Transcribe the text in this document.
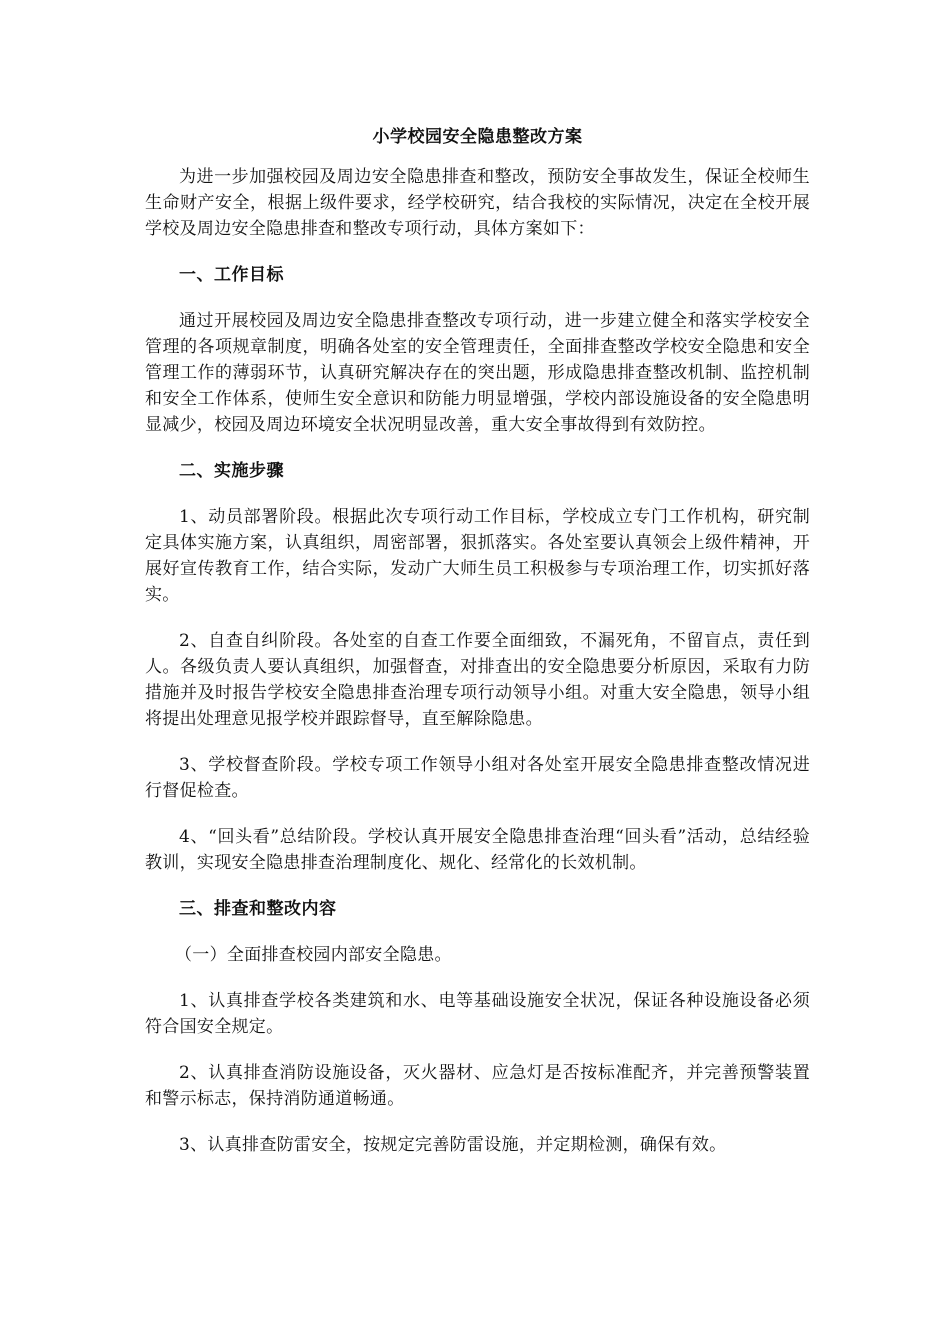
小学校园安全隐患整改方案

为进一步加强校园及周边安全隐患排查和整改，预防安全事故发生，保证全校师生生命财产安全，根据上级件要求，经学校研究，结合我校的实际情况，决定在全校开展学校及周边安全隐患排查和整改专项行动，具体方案如下：

一、工作目标

通过开展校园及周边安全隐患排查整改专项行动，进一步建立健全和落实学校安全管理的各项规章制度，明确各处室的安全管理责任，全面排查整改学校安全隐患和安全管理工作的薄弱环节，认真研究解决存在的突出题，形成隐患排查整改机制、监控机制和安全工作体系，使师生安全意识和防能力明显增强，学校内部设施设备的安全隐患明显减少，校园及周边环境安全状况明显改善，重大安全事故得到有效防控。

二、实施步骤

1、动员部署阶段。根据此次专项行动工作目标，学校成立专门工作机构，研究制定具体实施方案，认真组织，周密部署，狠抓落实。各处室要认真领会上级件精神，开展好宣传教育工作，结合实际，发动广大师生员工积极参与专项治理工作，切实抓好落实。

2、自查自纠阶段。各处室的自查工作要全面细致，不漏死角，不留盲点，责任到人。各级负责人要认真组织，加强督查，对排查出的安全隐患要分析原因，采取有力防措施并及时报告学校安全隐患排查治理专项行动领导小组。对重大安全隐患，领导小组将提出处理意见报学校并跟踪督导，直至解除隐患。

3、学校督查阶段。学校专项工作领导小组对各处室开展安全隐患排查整改情况进行督促检查。

4、“回头看”总结阶段。学校认真开展安全隐患排查治理“回头看”活动，总结经验教训，实现安全隐患排查治理制度化、规化、经常化的长效机制。

三、排查和整改内容

（一）全面排查校园内部安全隐患。

1、认真排查学校各类建筑和水、电等基础设施安全状况，保证各种设施设备必须符合国安全规定。

2、认真排查消防设施设备，灭火器材、应急灯是否按标准配齐，并完善预警装置和警示标志，保持消防通道畅通。

3、认真排查防雷安全，按规定完善防雷设施，并定期检测，确保有效。
